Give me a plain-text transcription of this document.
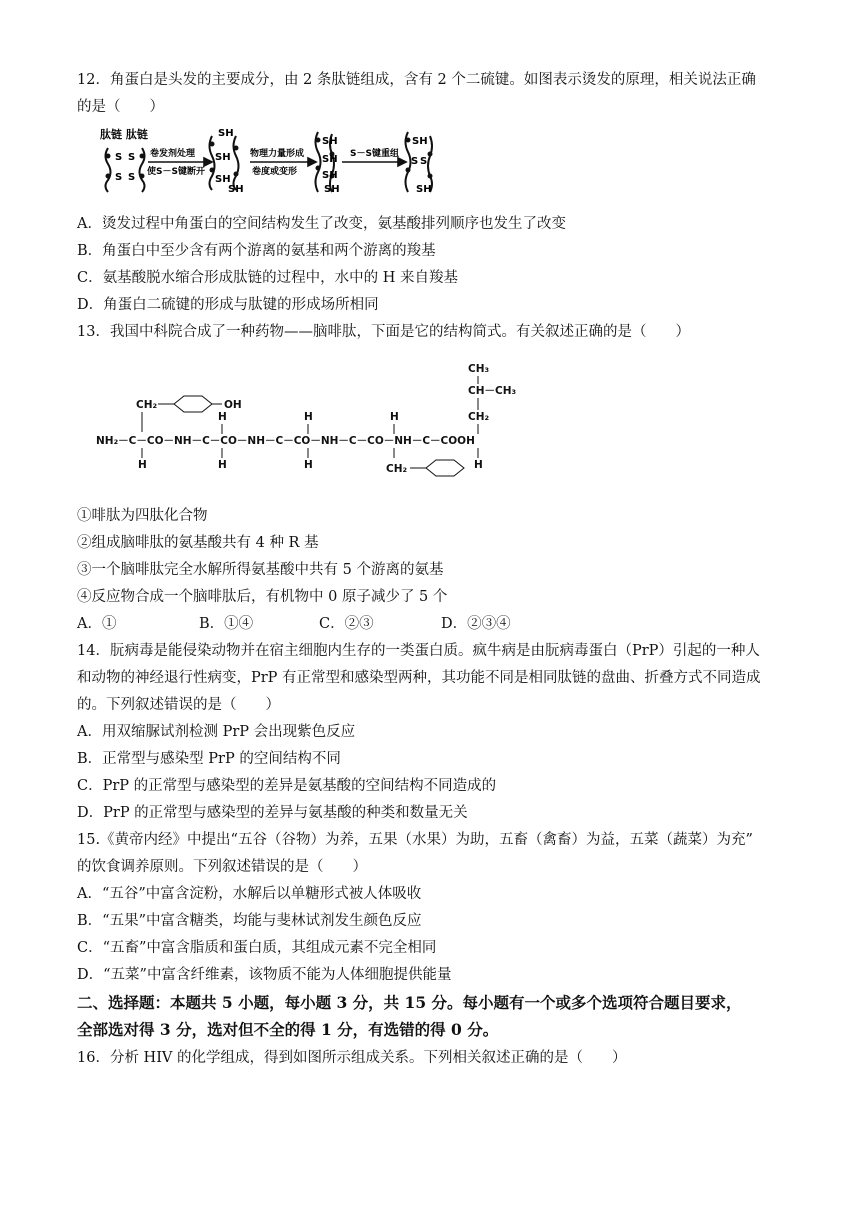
12．角蛋白是头发的主要成分，由 2 条肽链组成，含有 2 个二硫键。如图表示烫发的原理，相关说法正确
的是（　　）
肽链 肽链
S S
S S
SH
SH
SH
SH
SH
SH
SH
SH
SH
S S
SH
卷发剂处理
使S－S键断开
物理力量形成
卷度或变形
S－S键重组
A．烫发过程中角蛋白的空间结构发生了改变，氨基酸排列顺序也发生了改变
B．角蛋白中至少含有两个游离的氨基和两个游离的羧基
C．氨基酸脱水缩合形成肽链的过程中，水中的 H 来自羧基
D．角蛋白二硫键的形成与肽键的形成场所相同
13．我国中科院合成了一种药物——脑啡肽，下面是它的结构简式。有关叙述正确的是（　　）
NH₂－C－CO－NH－C－CO－NH－C－CO－NH－C－CO－NH－C－COOH
CH₂	OH
CH₃
CH－CH₃
CH₂
CH₂
H
H
H
H
H
H
H
①啡肽为四肽化合物
②组成脑啡肽的氨基酸共有 4 种 R 基
③一个脑啡肽完全水解所得氨基酸中共有 5 个游离的氨基
④反应物合成一个脑啡肽后，有机物中 0 原子减少了 5 个
A．①	B．①④	C．②③	D．②③④
14．朊病毒是能侵染动物并在宿主细胞内生存的一类蛋白质。疯牛病是由朊病毒蛋白（PrP）引起的一种人
和动物的神经退行性病变，PrP 有正常型和感染型两种，其功能不同是相同肽链的盘曲、折叠方式不同造成
的。下列叙述错误的是（　　）
A．用双缩脲试剂检测 PrP 会出现紫色反应
B．正常型与感染型 PrP 的空间结构不同
C．PrP 的正常型与感染型的差异是氨基酸的空间结构不同造成的
D．PrP 的正常型与感染型的差异与氨基酸的种类和数量无关
15.《黄帝内经》中提出“五谷（谷物）为养，五果（水果）为助，五畜（禽畜）为益，五菜（蔬菜）为充”
的饮食调养原则。下列叙述错误的是（　　）
A．“五谷”中富含淀粉，水解后以单糖形式被人体吸收
B．“五果”中富含糖类，均能与斐林试剂发生颜色反应
C．“五畜”中富含脂质和蛋白质，其组成元素不完全相同
D．“五菜”中富含纤维素，该物质不能为人体细胞提供能量
二、选择题：本题共 5 小题，每小题 3 分，共 15 分。每小题有一个或多个选项符合题目要求，
全部选对得 3 分，选对但不全的得 1 分，有选错的得 0 分。
16．分析 HIV 的化学组成，得到如图所示组成关系。下列相关叙述正确的是（　　）
